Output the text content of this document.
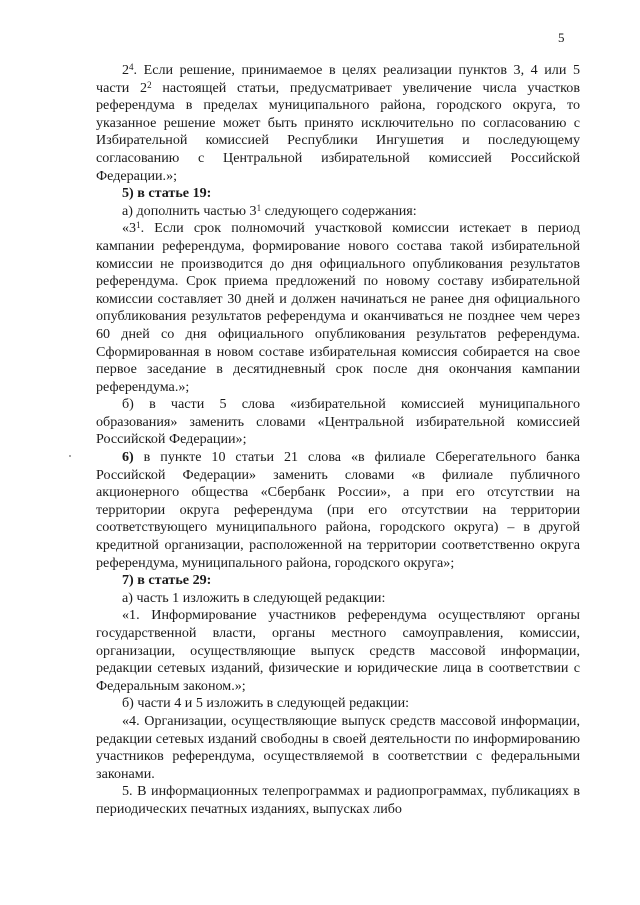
5

$2^4$. Если решение, принимаемое в целях реализации пунктов 3, 4 или 5 части $2^2$ настоящей статьи, предусматривает увеличение числа участков референдума в пределах муниципального района, городского округа, то указанное решение может быть принято исключительно по согласованию с Избирательной комиссией Республики Ингушетия и последующему согласованию с Центральной избирательной комиссией Российской Федерации.»;

5) в статье 19:

а) дополнить частью $3^1$ следующего содержания:

«$3^1$. Если срок полномочий участковой комиссии истекает в период кампании референдума, формирование нового состава такой избирательной комиссии не производится до дня официального опубликования результатов референдума. Срок приема предложений по новому составу избирательной комиссии составляет 30 дней и должен начинаться не ранее дня официального опубликования результатов референдума и оканчиваться не позднее чем через 60 дней со дня официального опубликования результатов референдума. Сформированная в новом составе избирательная комиссия собирается на свое первое заседание в десятидневный срок после дня окончания кампании референдума.»;

б) в части 5 слова «избирательной комиссией муниципального образования» заменить словами «Центральной избирательной комиссией Российской Федерации»;

6) в пункте 10 статьи 21 слова «в филиале Сберегательного банка Российской Федерации» заменить словами «в филиале публичного акционерного общества «Сбербанк России», а при его отсутствии на территории округа референдума (при его отсутствии на территории соответствующего муниципального района, городского округа) – в другой кредитной организации, расположенной на территории соответственно округа референдума, муниципального района, городского округа»;

7) в статье 29:

а) часть 1 изложить в следующей редакции:

«1. Информирование участников референдума осуществляют органы государственной власти, органы местного самоуправления, комиссии, организации, осуществляющие выпуск средств массовой информации, редакции сетевых изданий, физические и юридические лица в соответствии с Федеральным законом.»;

б) части 4 и 5 изложить в следующей редакции:

«4. Организации, осуществляющие выпуск средств массовой информации, редакции сетевых изданий свободны в своей деятельности по информированию участников референдума, осуществляемой в соответствии с федеральными законами.

5. В информационных телепрограммах и радиопрограммах, публикациях в периодических печатных изданиях, выпусках либо
